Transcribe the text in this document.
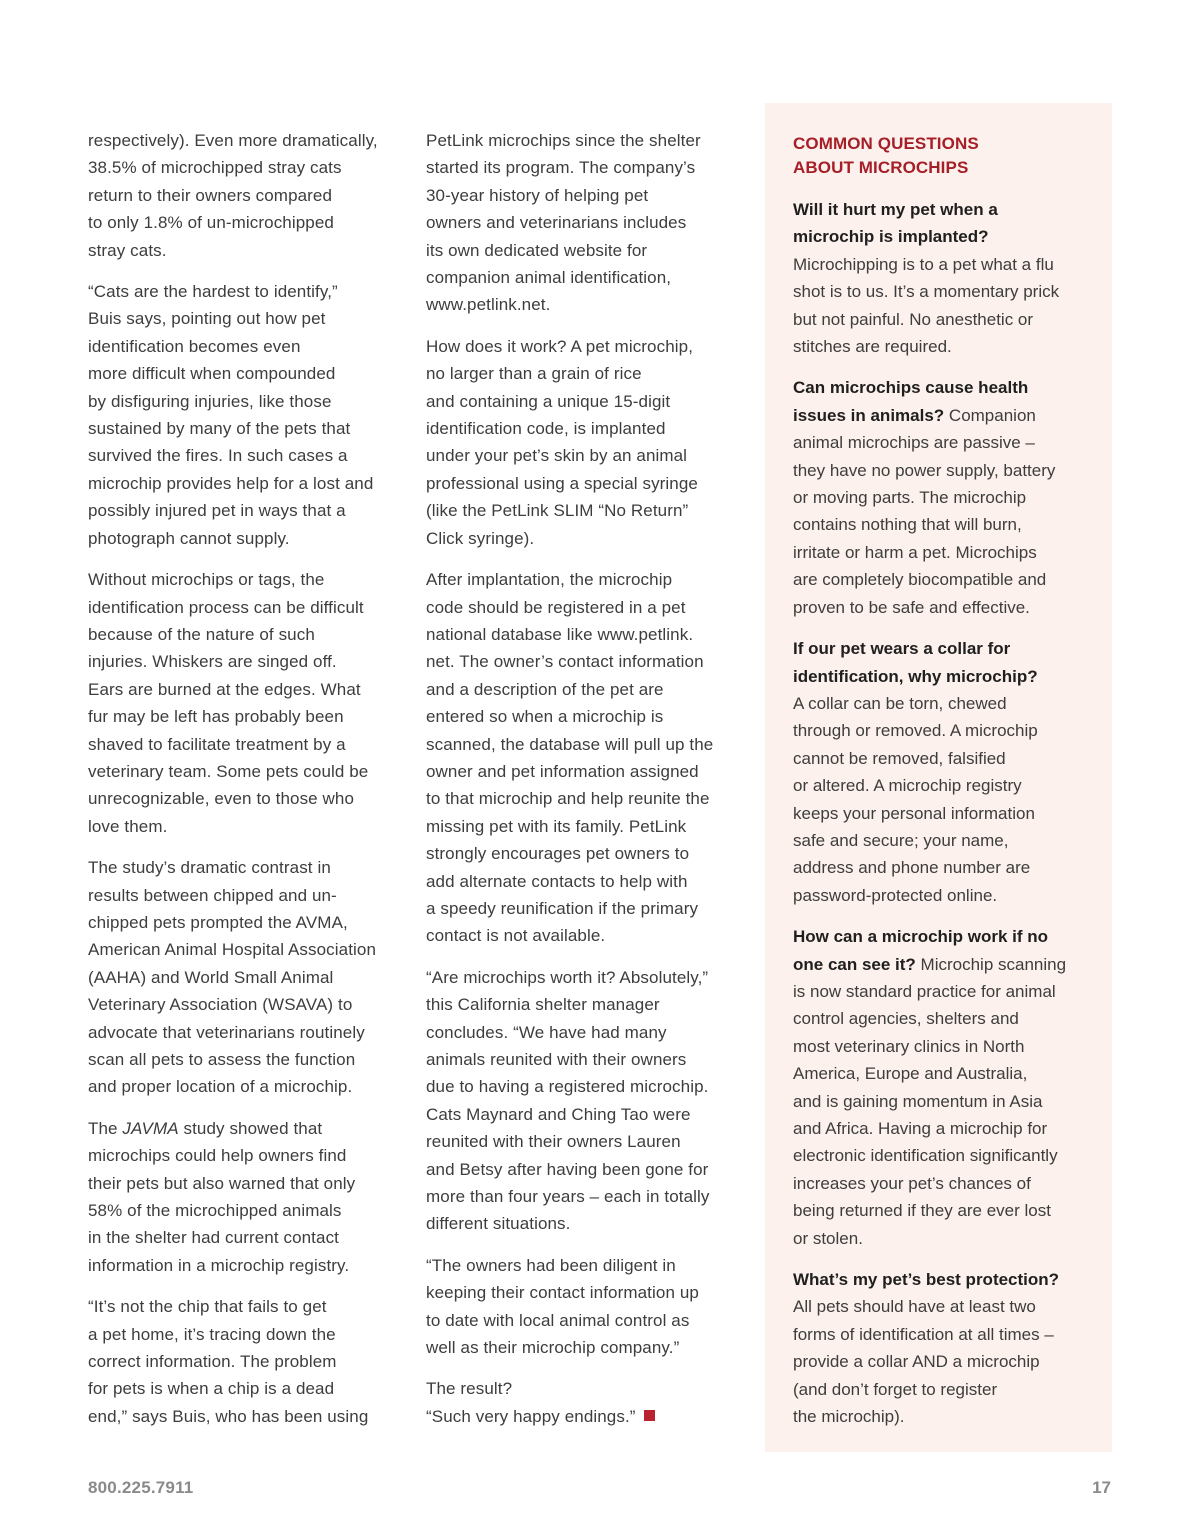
respectively). Even more dramatically,
38.5% of microchipped stray cats
return to their owners compared
to only 1.8% of un-microchipped
stray cats.

“Cats are the hardest to identify,”
Buis says, pointing out how pet
identification becomes even
more difficult when compounded
by disfiguring injuries, like those
sustained by many of the pets that
survived the fires. In such cases a
microchip provides help for a lost and
possibly injured pet in ways that a
photograph cannot supply.

Without microchips or tags, the
identification process can be difficult
because of the nature of such
injuries. Whiskers are singed off.
Ears are burned at the edges. What
fur may be left has probably been
shaved to facilitate treatment by a
veterinary team. Some pets could be
unrecognizable, even to those who
love them.

The study’s dramatic contrast in
results between chipped and un-
chipped pets prompted the AVMA,
American Animal Hospital Association
(AAHA) and World Small Animal
Veterinary Association (WSAVA) to
advocate that veterinarians routinely
scan all pets to assess the function
and proper location of a microchip.

The JAVMA study showed that
microchips could help owners find
their pets but also warned that only
58% of the microchipped animals
in the shelter had current contact
information in a microchip registry.

“It’s not the chip that fails to get
a pet home, it’s tracing down the
correct information. The problem
for pets is when a chip is a dead
end,” says Buis, who has been using

PetLink microchips since the shelter
started its program. The company’s
30-year history of helping pet
owners and veterinarians includes
its own dedicated website for
companion animal identification,
www.petlink.net.

How does it work? A pet microchip,
no larger than a grain of rice
and containing a unique 15-digit
identification code, is implanted
under your pet’s skin by an animal
professional using a special syringe
(like the PetLink SLIM “No Return”
Click syringe).

After implantation, the microchip
code should be registered in a pet
national database like www.petlink.
net. The owner’s contact information
and a description of the pet are
entered so when a microchip is
scanned, the database will pull up the
owner and pet information assigned
to that microchip and help reunite the
missing pet with its family. PetLink
strongly encourages pet owners to
add alternate contacts to help with
a speedy reunification if the primary
contact is not available.

“Are microchips worth it? Absolutely,”
this California shelter manager
concludes. “We have had many
animals reunited with their owners
due to having a registered microchip.
Cats Maynard and Ching Tao were
reunited with their owners Lauren
and Betsy after having been gone for
more than four years – each in totally
different situations.

“The owners had been diligent in
keeping their contact information up
to date with local animal control as
well as their microchip company.”

The result?
“Such very happy endings.”

COMMON QUESTIONS
ABOUT MICROCHIPS
Will it hurt my pet when a
microchip is implanted?
Microchipping is to a pet what a flu
shot is to us. It’s a momentary prick
but not painful. No anesthetic or
stitches are required.
Can microchips cause health
issues in animals? Companion
animal microchips are passive –
they have no power supply, battery
or moving parts. The microchip
contains nothing that will burn,
irritate or harm a pet. Microchips
are completely biocompatible and
proven to be safe and effective.
If our pet wears a collar for
identification, why microchip?
A collar can be torn, chewed
through or removed. A microchip
cannot be removed, falsified
or altered. A microchip registry
keeps your personal information
safe and secure; your name,
address and phone number are
password-protected online.
How can a microchip work if no
one can see it? Microchip scanning
is now standard practice for animal
control agencies, shelters and
most veterinary clinics in North
America, Europe and Australia,
and is gaining momentum in Asia
and Africa. Having a microchip for
electronic identification significantly
increases your pet’s chances of
being returned if they are ever lost
or stolen.
What’s my pet’s best protection?
All pets should have at least two
forms of identification at all times –
provide a collar AND a microchip
(and don’t forget to register
the microchip).
800.225.7911	17
